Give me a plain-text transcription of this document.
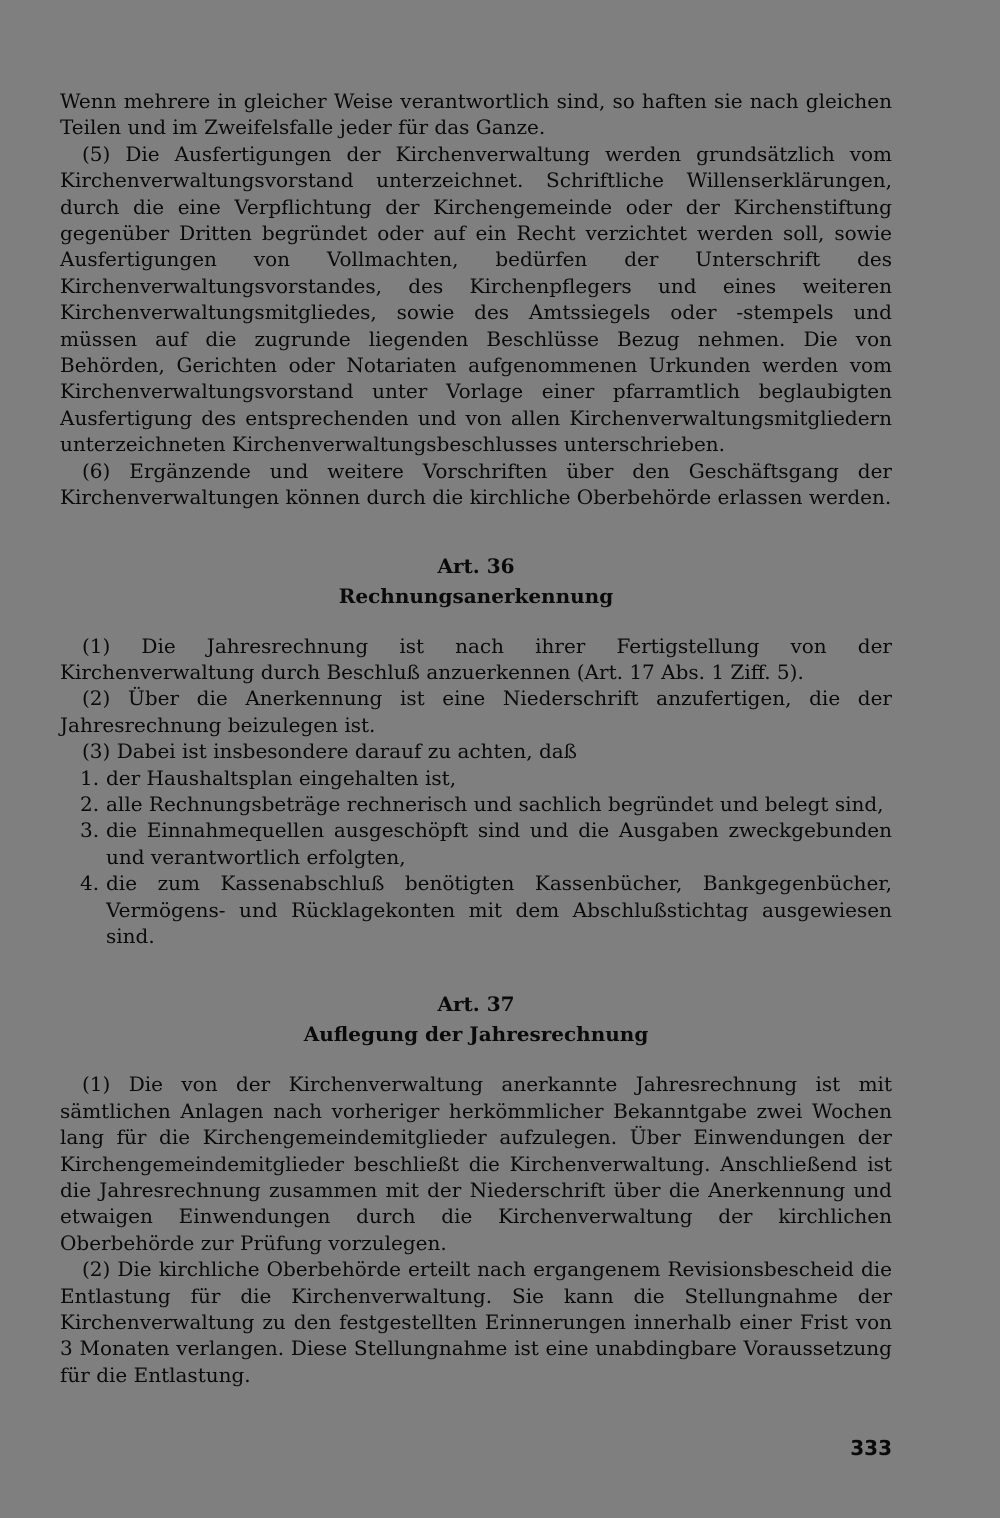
Wenn mehrere in gleicher Weise verantwortlich sind, so haften sie nach gleichen Teilen und im Zweifelsfalle jeder für das Ganze.

(5) Die Ausfertigungen der Kirchenverwaltung werden grundsätzlich vom Kirchenverwaltungsvorstand unterzeichnet. Schriftliche Willenserklärungen, durch die eine Verpflichtung der Kirchengemeinde oder der Kirchenstiftung gegenüber Dritten begründet oder auf ein Recht verzichtet werden soll, sowie Ausfertigungen von Vollmachten, bedürfen der Unterschrift des Kirchenverwaltungsvorstandes, des Kirchenpflegers und eines weiteren Kirchenverwaltungsmitgliedes, sowie des Amtssiegels oder -stempels und müssen auf die zugrunde liegenden Beschlüsse Bezug nehmen. Die von Behörden, Gerichten oder Notariaten aufgenommenen Urkunden werden vom Kirchenverwaltungsvorstand unter Vorlage einer pfarramtlich beglaubigten Ausfertigung des entsprechenden und von allen Kirchenverwaltungsmitgliedern unterzeichneten Kirchenverwaltungsbeschlusses unterschrieben.

(6) Ergänzende und weitere Vorschriften über den Geschäftsgang der Kirchenverwaltungen können durch die kirchliche Oberbehörde erlassen werden.

Art. 36
Rechnungsanerkennung

(1) Die Jahresrechnung ist nach ihrer Fertigstellung von der Kirchenverwaltung durch Beschluß anzuerkennen (Art. 17 Abs. 1 Ziff. 5).

(2) Über die Anerkennung ist eine Niederschrift anzufertigen, die der Jahresrechnung beizulegen ist.

(3) Dabei ist insbesondere darauf zu achten, daß

1. der Haushaltsplan eingehalten ist,
2. alle Rechnungsbeträge rechnerisch und sachlich begründet und belegt sind,
3. die Einnahmequellen ausgeschöpft sind und die Ausgaben zweckgebunden und verantwortlich erfolgten,
4. die zum Kassenabschluß benötigten Kassenbücher, Bankgegenbücher, Vermögens- und Rücklagekonten mit dem Abschlußstichtag ausgewiesen sind.
Art. 37
Auflegung der Jahresrechnung

(1) Die von der Kirchenverwaltung anerkannte Jahresrechnung ist mit sämtlichen Anlagen nach vorheriger herkömmlicher Bekanntgabe zwei Wochen lang für die Kirchengemeindemitglieder aufzulegen. Über Einwendungen der Kirchengemeindemitglieder beschließt die Kirchenverwaltung. Anschließend ist die Jahresrechnung zusammen mit der Niederschrift über die Anerkennung und etwaigen Einwendungen durch die Kirchenverwaltung der kirchlichen Oberbehörde zur Prüfung vorzulegen.

(2) Die kirchliche Oberbehörde erteilt nach ergangenem Revisionsbescheid die Entlastung für die Kirchenverwaltung. Sie kann die Stellungnahme der Kirchenverwaltung zu den festgestellten Erinnerungen innerhalb einer Frist von 3 Monaten verlangen. Diese Stellungnahme ist eine unabdingbare Voraussetzung für die Entlastung.

333
